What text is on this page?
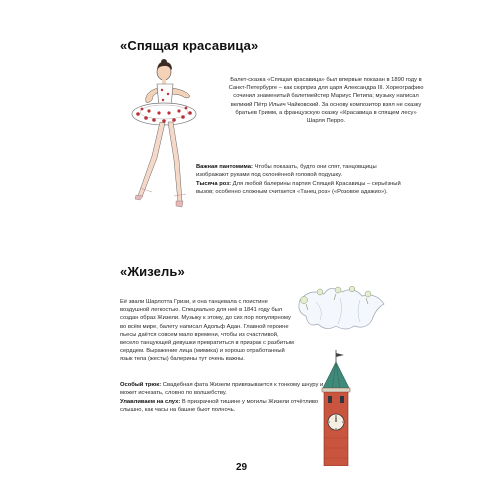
«Спящая красавица»
Балет-сказка «Спящая красавица» был впервые показан в 1890 году в Санкт-Петербурге – как сюрприз для царя Александра III. Хореографию сочинил знаменитый балетмейстер Мариус Петипа; музыку написал великий Пётр Ильич Чайковский. За основу композитор взял не сказку братьев Гримм, а французскую сказку «Красавица в спящем лесу» Шарля Перро.
Важная пантомима: Чтобы показать, будто они спят, танцовщицы изображают руками под склонённой головой подушку.
Тысяча роз: Для любой балерины партия Спящей Красавицы – серьёзный вызов; особенно сложным считается «Танец роз» («Розовое адажио»).
«Жизель»
Её звали Шарлотта Гризи, и она танцевала с поистине воздушной легкостью. Специально для неё в 1841 году был создан образ Жизели. Музыку к этому, до сих пор популярному во всём мире, балету написал Адольф Адан. Главной героине пьесы даётся совсем мало времени, чтобы из счастливой, весело танцующей девушки превратиться в призрак с разбитым сердцем. Выражение лица (мимика) и хорошо отработанный язык тела (жесты) балерины тут очень важны.
Особый трюк: Свадебная фата Жизели привязывается к тонкому шнуру и может исчезать, словно по волшебству.
Улавливаем на слух: В призрачной тишине у могилы Жизели отчётливо слышно, как часы на башне бьют полночь.
29
